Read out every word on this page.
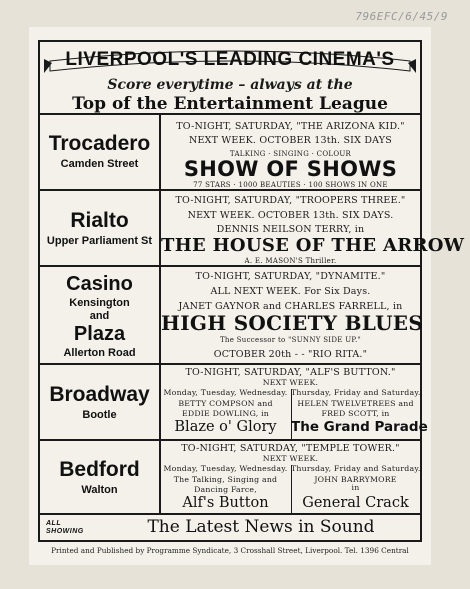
796EFC/6/45/9
LIVERPOOL'S LEADING CINEMA'S
Score everytime – always at the
Top of the Entertainment League
Trocadero
Camden Street
TO-NIGHT, SATURDAY, "THE ARIZONA KID."
NEXT WEEK. OCTOBER 13th. SIX DAYS
TALKING · SINGING · COLOUR
SHOW OF SHOWS
77 STARS · 1000 BEAUTIES · 100 SHOWS IN ONE
Rialto
Upper Parliament St
TO-NIGHT, SATURDAY, "TROOPERS THREE."
NEXT WEEK. OCTOBER 13th. SIX DAYS.
DENNIS NEILSON TERRY, in
THE HOUSE OF THE ARROW
A. E. MASON'S Thriller.
Casino
Kensington
and
Plaza
Allerton Road
TO-NIGHT, SATURDAY, "DYNAMITE."
ALL NEXT WEEK. For Six Days.
JANET GAYNOR and CHARLES FARRELL, in
HIGH SOCIETY BLUES
The Successor to "SUNNY SIDE UP."
OCTOBER 20th - - "RIO RITA."
Broadway
Bootle
TO-NIGHT, SATURDAY, "ALF'S BUTTON."
NEXT WEEK.
Monday, Tuesday, Wednesday.
BETTY COMPSON and
EDDIE DOWLING, in
Blaze o' Glory
Thursday, Friday and Saturday.
HELEN TWELVETREES and
FRED SCOTT, in
The Grand Parade
Bedford
Walton
TO-NIGHT, SATURDAY, "TEMPLE TOWER."
NEXT WEEK.
Monday, Tuesday, Wednesday.
The Talking, Singing and
Dancing Farce,
Alf's Button
Thursday, Friday and Saturday.
JOHN BARRYMORE
in
General Crack
ALL
SHOWING	The Latest News in Sound
Printed and Published by Programme Syndicate, 3 Crosshall Street, Liverpool. Tel. 1396 Central
